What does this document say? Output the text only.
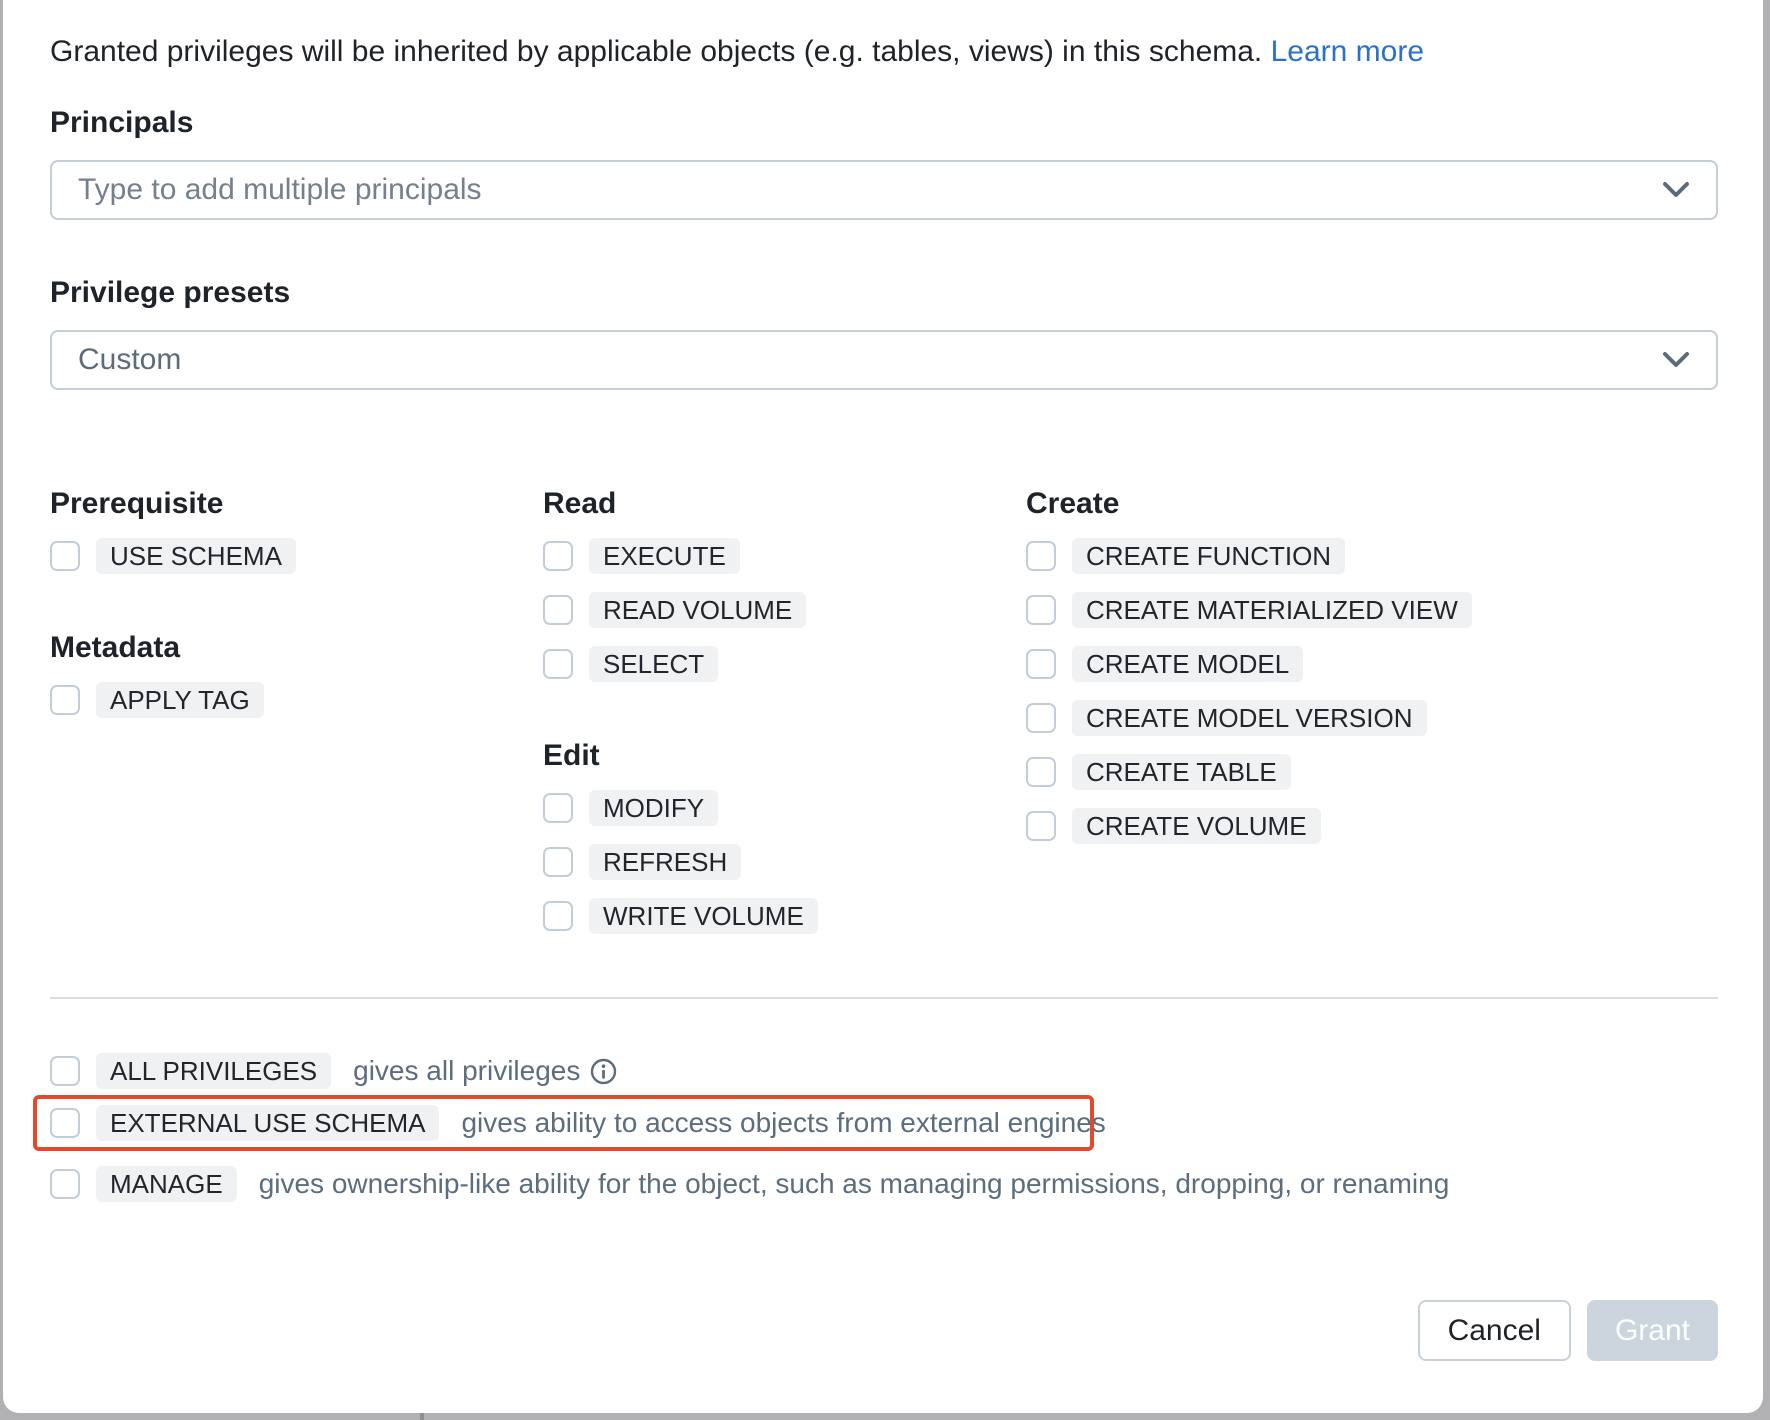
Granted privileges will be inherited by applicable objects (e.g. tables, views) in this schema. Learn more
Principals
Type to add multiple principals
Privilege presets
Custom
Prerequisite
USE SCHEMA
Metadata
APPLY TAG
Read
EXECUTE
READ VOLUME
SELECT
Edit
MODIFY
REFRESH
WRITE VOLUME
Create
CREATE FUNCTION
CREATE MATERIALIZED VIEW
CREATE MODEL
CREATE MODEL VERSION
CREATE TABLE
CREATE VOLUME
ALL PRIVILEGES	gives all privileges
EXTERNAL USE SCHEMA	gives ability to access objects from external engines
MANAGE	gives ownership-like ability for the object, such as managing permissions, dropping, or renaming
Cancel	Grant
